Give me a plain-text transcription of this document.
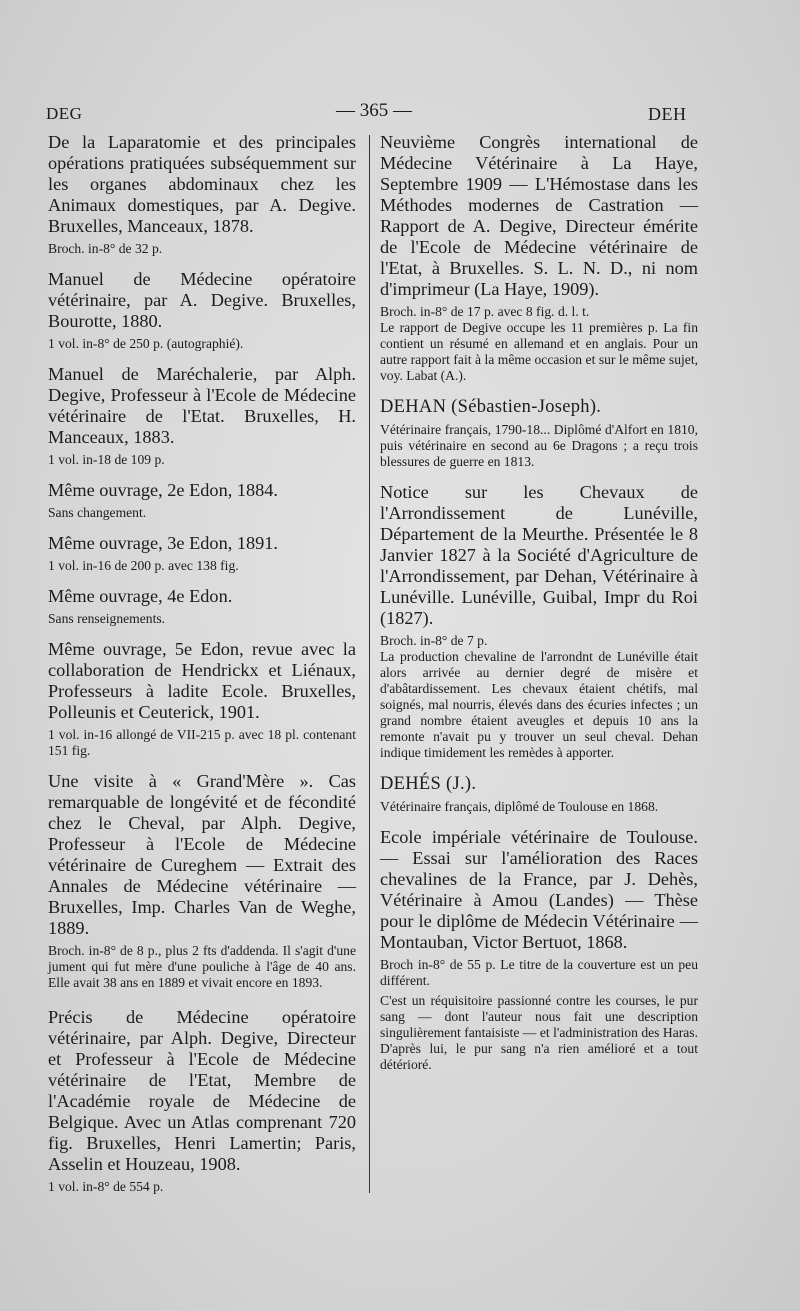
DEG	— 365 —	DEH

De la Laparatomie et des principales opérations pratiquées subséquemment sur les organes abdominaux chez les Animaux domestiques, par A. Degive. Bruxelles, Manceaux, 1878.

Broch. in-8° de 32 p.

Manuel de Médecine opératoire vétérinaire, par A. Degive. Bruxelles, Bourotte, 1880.

1 vol. in-8° de 250 p. (autographié).

Manuel de Maréchalerie, par Alph. Degive, Professeur à l'Ecole de Médecine vétérinaire de l'Etat. Bruxelles, H. Manceaux, 1883.

1 vol. in-18 de 109 p.

Même ouvrage, 2e Edon, 1884.

Sans changement.

Même ouvrage, 3e Edon, 1891.

1 vol. in-16 de 200 p. avec 138 fig.

Même ouvrage, 4e Edon.

Sans renseignements.

Même ouvrage, 5e Edon, revue avec la collaboration de Hendrickx et Liénaux, Professeurs à ladite Ecole. Bruxelles, Polleunis et Ceuterick, 1901.

1 vol. in-16 allongé de VII-215 p. avec 18 pl. contenant 151 fig.

Une visite à « Grand'Mère ». Cas remarquable de longévité et de fécondité chez le Cheval, par Alph. Degive, Professeur à l'Ecole de Médecine vétérinaire de Cureghem — Extrait des Annales de Médecine vétérinaire — Bruxelles, Imp. Charles Van de Weghe, 1889.

Broch. in-8° de 8 p., plus 2 fts d'addenda. Il s'agit d'une jument qui fut mère d'une pouliche à l'âge de 40 ans. Elle avait 38 ans en 1889 et vivait encore en 1893.

Précis de Médecine opératoire vétérinaire, par Alph. Degive, Directeur et Professeur à l'Ecole de Médecine vétérinaire de l'Etat, Membre de l'Académie royale de Médecine de Belgique. Avec un Atlas comprenant 720 fig. Bruxelles, Henri Lamertin; Paris, Asselin et Houzeau, 1908.

1 vol. in-8° de 554 p.

Neuvième Congrès international de Médecine Vétérinaire à La Haye, Septembre 1909 — L'Hémostase dans les Méthodes modernes de Castration — Rapport de A. Degive, Directeur émérite de l'Ecole de Médecine vétérinaire de l'Etat, à Bruxelles. S. L. N. D., ni nom d'imprimeur (La Haye, 1909).

Broch. in-8° de 17 p. avec 8 fig. d. l. t.

Le rapport de Degive occupe les 11 premières p. La fin contient un résumé en allemand et en anglais. Pour un autre rapport fait à la même occasion et sur le même sujet, voy. Labat (A.).

DEHAN (Sébastien-Joseph).

Vétérinaire français, 1790-18... Diplômé d'Alfort en 1810, puis vétérinaire en second au 6e Dragons ; a reçu trois blessures de guerre en 1813.

Notice sur les Chevaux de l'Arrondissement de Lunéville, Département de la Meurthe. Présentée le 8 Janvier 1827 à la Société d'Agriculture de l'Arrondissement, par Dehan, Vétérinaire à Lunéville. Lunéville, Guibal, Impr du Roi (1827).

Broch. in-8° de 7 p.

La production chevaline de l'arrondnt de Lunéville était alors arrivée au dernier degré de misère et d'abâtardissement. Les chevaux étaient chétifs, mal soignés, mal nourris, élevés dans des écuries infectes ; un grand nombre étaient aveugles et depuis 10 ans la remonte n'avait pu y trouver un seul cheval. Dehan indique timidement les remèdes à apporter.

DEHÉS (J.).

Vétérinaire français, diplômé de Toulouse en 1868.

Ecole impériale vétérinaire de Toulouse. — Essai sur l'amélioration des Races chevalines de la France, par J. Dehès, Vétérinaire à Amou (Landes) — Thèse pour le diplôme de Médecin Vétérinaire — Montauban, Victor Bertuot, 1868.

Broch in-8° de 55 p. Le titre de la couverture est un peu différent.

C'est un réquisitoire passionné contre les courses, le pur sang — dont l'auteur nous fait une description singulièrement fantaisiste — et l'administration des Haras. D'après lui, le pur sang n'a rien amélioré et a tout détérioré.
